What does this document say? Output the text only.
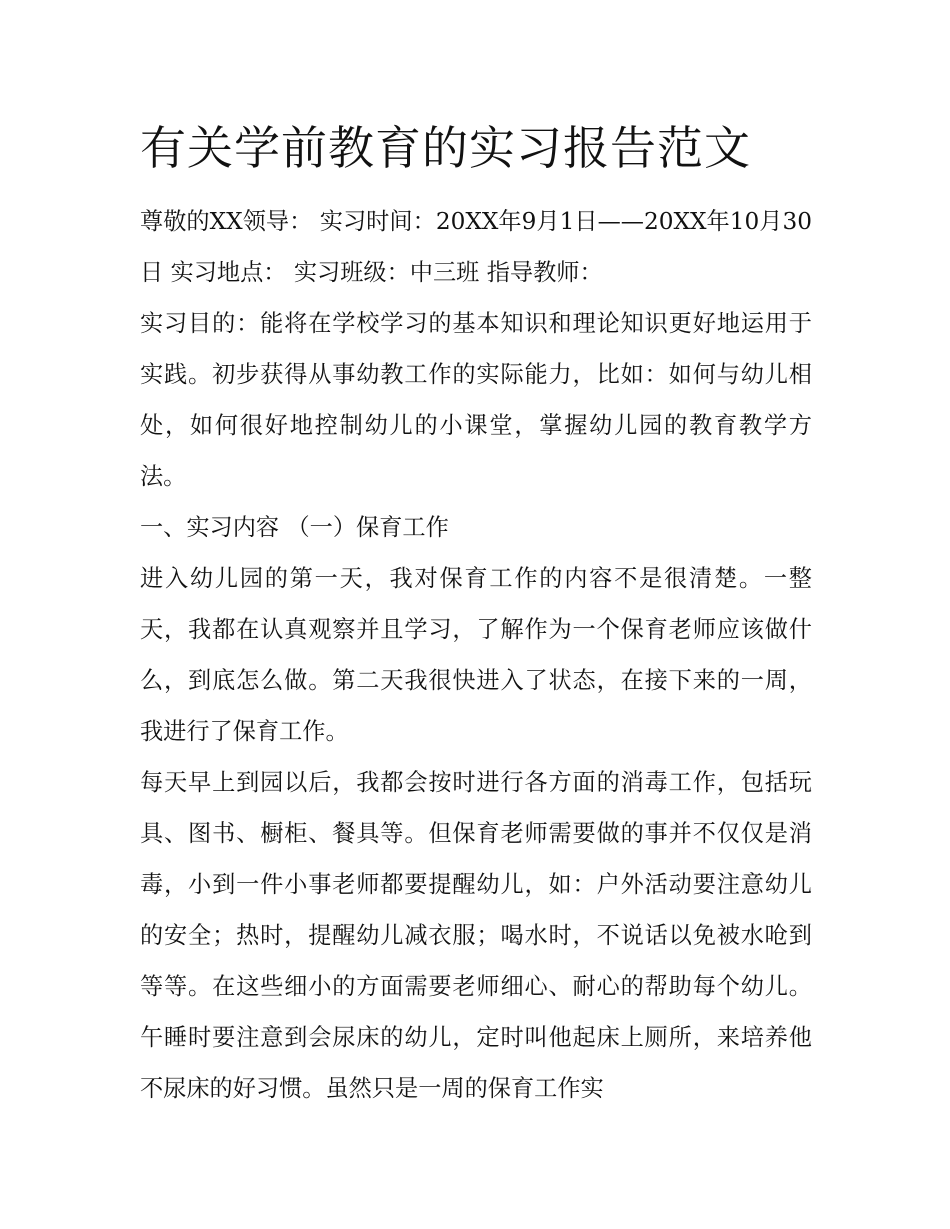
有关学前教育的实习报告范文

尊敬的XX领导： 实习时间：20XX年9月1日——20XX年10月30日 实习地点： 实习班级：中三班 指导教师：

实习目的：能将在学校学习的基本知识和理论知识更好地运用于实践。初步获得从事幼教工作的实际能力，比如：如何与幼儿相处，如何很好地控制幼儿的小课堂，掌握幼儿园的教育教学方法。

一、实习内容 （一）保育工作

进入幼儿园的第一天，我对保育工作的内容不是很清楚。一整天，我都在认真观察并且学习，了解作为一个保育老师应该做什么，到底怎么做。第二天我很快进入了状态，在接下来的一周，我进行了保育工作。

每天早上到园以后，我都会按时进行各方面的消毒工作，包括玩具、图书、橱柜、餐具等。但保育老师需要做的事并不仅仅是消毒，小到一件小事老师都要提醒幼儿，如：户外活动要注意幼儿的安全；热时，提醒幼儿减衣服；喝水时，不说话以免被水呛到等等。在这些细小的方面需要老师细心、耐心的帮助每个幼儿。午睡时要注意到会尿床的幼儿，定时叫他起床上厕所，来培养他不尿床的好习惯。虽然只是一周的保育工作实
